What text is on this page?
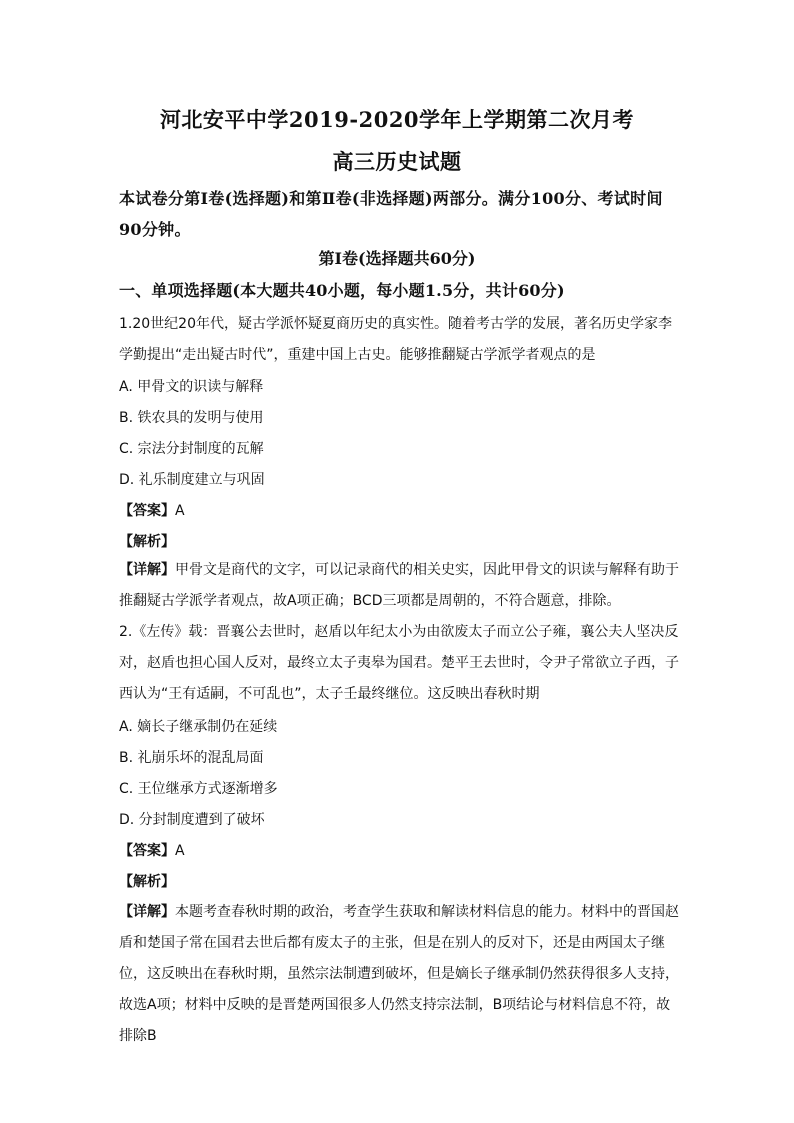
河北安平中学2019-2020学年上学期第二次月考
高三历史试题
本试卷分第Ⅰ卷(选择题)和第Ⅱ卷(非选择题)两部分。满分100分、考试时间90分钟。
第Ⅰ卷(选择题共60分)
一、单项选择题(本大题共40小题，每小题1.5分，共计60分)
1.20世纪20年代，疑古学派怀疑夏商历史的真实性。随着考古学的发展，著名历史学家李学勤提出“走出疑古时代”，重建中国上古史。能够推翻疑古学派学者观点的是
A. 甲骨文的识读与解释
B. 铁农具的发明与使用
C. 宗法分封制度的瓦解
D. 礼乐制度建立与巩固
【答案】A
【解析】
【详解】甲骨文是商代的文字，可以记录商代的相关史实，因此甲骨文的识读与解释有助于推翻疑古学派学者观点，故A项正确；BCD三项都是周朝的，不符合题意，排除。
2.《左传》载：晋襄公去世时，赵盾以年纪太小为由欲废太子而立公子雍，襄公夫人坚决反对，赵盾也担心国人反对，最终立太子夷皋为国君。楚平王去世时，令尹子常欲立子西，子西认为“王有适嗣，不可乱也”，太子壬最终继位。这反映出春秋时期
A. 嫡长子继承制仍在延续
B. 礼崩乐坏的混乱局面
C. 王位继承方式逐渐增多
D. 分封制度遭到了破坏
【答案】A
【解析】
【详解】本题考查春秋时期的政治，考查学生获取和解读材料信息的能力。材料中的晋国赵盾和楚国子常在国君去世后都有废太子的主张，但是在别人的反对下，还是由两国太子继位，这反映出在春秋时期，虽然宗法制遭到破坏，但是嫡长子继承制仍然获得很多人支持，故选A项；材料中反映的是晋楚两国很多人仍然支持宗法制，B项结论与材料信息不符，故排除B
